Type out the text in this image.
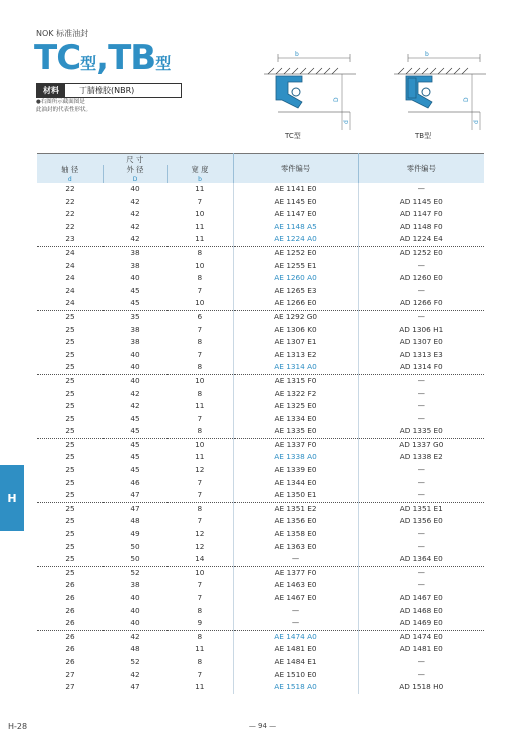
NOK 标准油封
TC型,TB型
材料	丁腈橡胶(NBR)
●右图所示截面图是
此油封的代表性形状。
b
D
d
TC型
b
D
d
TB型
尺 寸			零件编号	零件编号
轴 径	外 径	宽 度		
d	D	b		
22	40	11	AE 1141 E0	—
22	42	7	AE 1145 E0	AD 1145 E0
22	42	10	AE 1147 E0	AD 1147 F0
22	42	11	AE 1148 A5	AD 1148 F0
23	42	11	AE 1224 A0	AD 1224 E4
24	38	8	AE 1252 E0	AD 1252 E0
24	38	10	AE 1255 E1	—
24	40	8	AE 1260 A0	AD 1260 E0
24	45	7	AE 1265 E3	—
24	45	10	AE 1266 E0	AD 1266 F0
25	35	6	AE 1292 G0	—
25	38	7	AE 1306 K0	AD 1306 H1
25	38	8	AE 1307 E1	AD 1307 E0
25	40	7	AE 1313 E2	AD 1313 E3
25	40	8	AE 1314 A0	AD 1314 F0
25	40	10	AE 1315 F0	—
25	42	8	AE 1322 F2	—
25	42	11	AE 1325 E0	—
25	45	7	AE 1334 E0	—
25	45	8	AE 1335 E0	AD 1335 E0
25	45	10	AE 1337 F0	AD 1337 G0
25	45	11	AE 1338 A0	AD 1338 E2
25	45	12	AE 1339 E0	—
25	46	7	AE 1344 E0	—
25	47	7	AE 1350 E1	—
25	47	8	AE 1351 E2	AD 1351 E1
25	48	7	AE 1356 E0	AD 1356 E0
25	49	12	AE 1358 E0	—
25	50	12	AE 1363 E0	—
25	50	14	—	AD 1364 E0
25	52	10	AE 1377 F0	—
26	38	7	AE 1463 E0	—
26	40	7	AE 1467 E0	AD 1467 E0
26	40	8	—	AD 1468 E0
26	40	9	—	AD 1469 E0
26	42	8	AE 1474 A0	AD 1474 E0
26	48	11	AE 1481 E0	AD 1481 E0
26	52	8	AE 1484 E1	—
27	42	7	AE 1510 E0	—
27	47	11	AE 1518 A0	AD 1518 H0
H
H-28	— 94 —
